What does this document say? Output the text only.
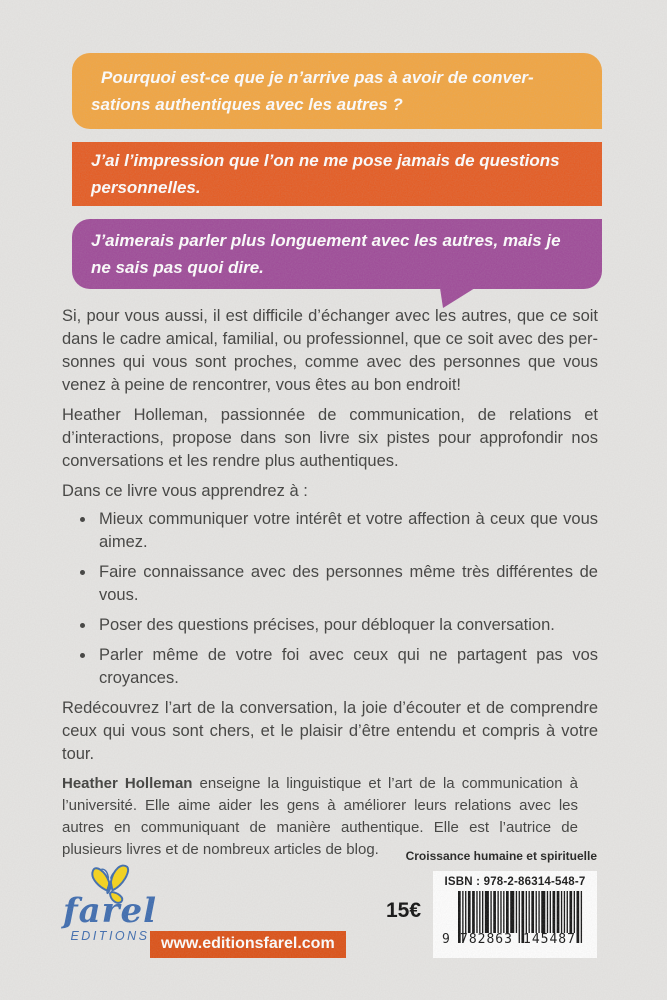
Pourquoi est-ce que je n’arrive pas à avoir de conversations authentiques avec les autres ?
J’ai l’impression que l’on ne me pose jamais de questions personnelles.
J’aimerais parler plus longuement avec les autres, mais je ne sais pas quoi dire.

Si, pour vous aussi, il est difficile d’échanger avec les autres, que ce soit dans le cadre amical, familial, ou professionnel, que ce soit avec des personnes qui vous sont proches, comme avec des personnes que vous venez à peine de rencontrer, vous êtes au bon endroit!

Heather Holleman, passionnée de communication, de relations et d’interactions, propose dans son livre six pistes pour approfondir nos conversations et les rendre plus authentiques.

Dans ce livre vous apprendrez à :

• Mieux communiquer votre intérêt et votre affection à ceux que vous aimez.
• Faire connaissance avec des personnes même très différentes de vous.
• Poser des questions précises, pour débloquer la conversation.
• Parler même de votre foi avec ceux qui ne partagent pas vos croyances.

Redécouvrez l’art de la conversation, la joie d’écouter et de comprendre ceux qui vous sont chers, et le plaisir d’être entendu et compris à votre tour.

Heather Holleman enseigne la linguistique et l’art de la communication à l’université. Elle aime aider les gens à améliorer leurs relations avec les autres en communiquant de manière authentique. Elle est l’autrice de plusieurs livres et de nombreux articles de blog.	Croissance humaine et spirituelle
ISBN : 978-2-86314-548-7
9 782863 145487
15€
farel
EDITIONS www.editionsfarel.com
